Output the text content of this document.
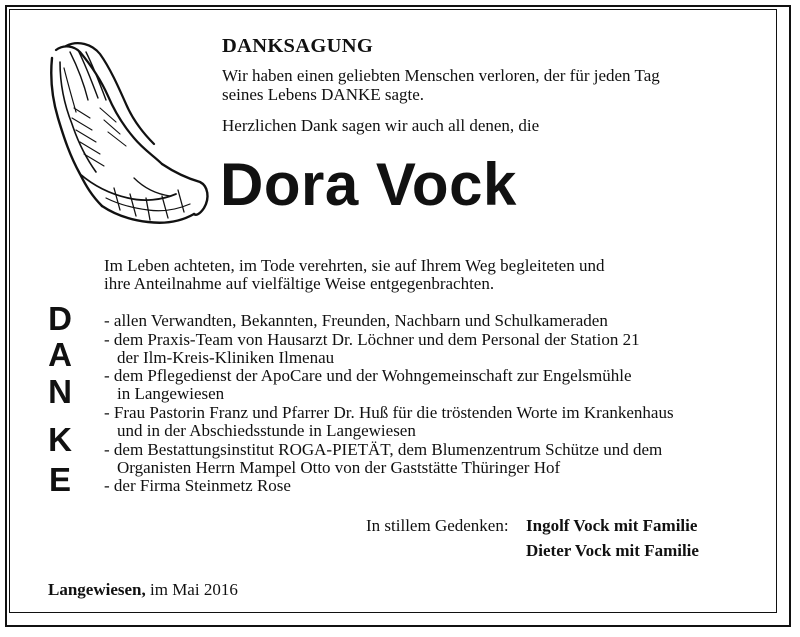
DANKSAGUNG
Wir haben einen geliebten Menschen verloren, der für jeden Tag
seines Lebens DANKE sagte.
Herzlichen Dank sagen wir auch all denen, die
Dora Vock
Im Leben achteten, im Tode verehrten, sie auf Ihrem Weg begleiteten und
ihre Anteilnahme auf vielfältige Weise entgegenbrachten.
D
A
N
K
E
- allen Verwandten, Bekannten, Freunden, Nachbarn und Schulkameraden
- dem Praxis-Team von Hausarzt Dr. Löchner und dem Personal der Station 21
der Ilm-Kreis-Kliniken Ilmenau
- dem Pflegedienst der ApoCare und der Wohngemeinschaft zur Engelsmühle
in Langewiesen
- Frau Pastorin Franz und Pfarrer Dr. Huß für die tröstenden Worte im Krankenhaus
und in der Abschiedsstunde in Langewiesen
- dem Bestattungsinstitut ROGA-PIETÄT, dem Blumenzentrum Schütze und dem
Organisten Herrn Mampel Otto von der Gaststätte Thüringer Hof
- der Firma Steinmetz Rose
In stillem Gedenken: Ingolf Vock mit Familie
Dieter Vock mit Familie
Langewiesen, im Mai 2016
